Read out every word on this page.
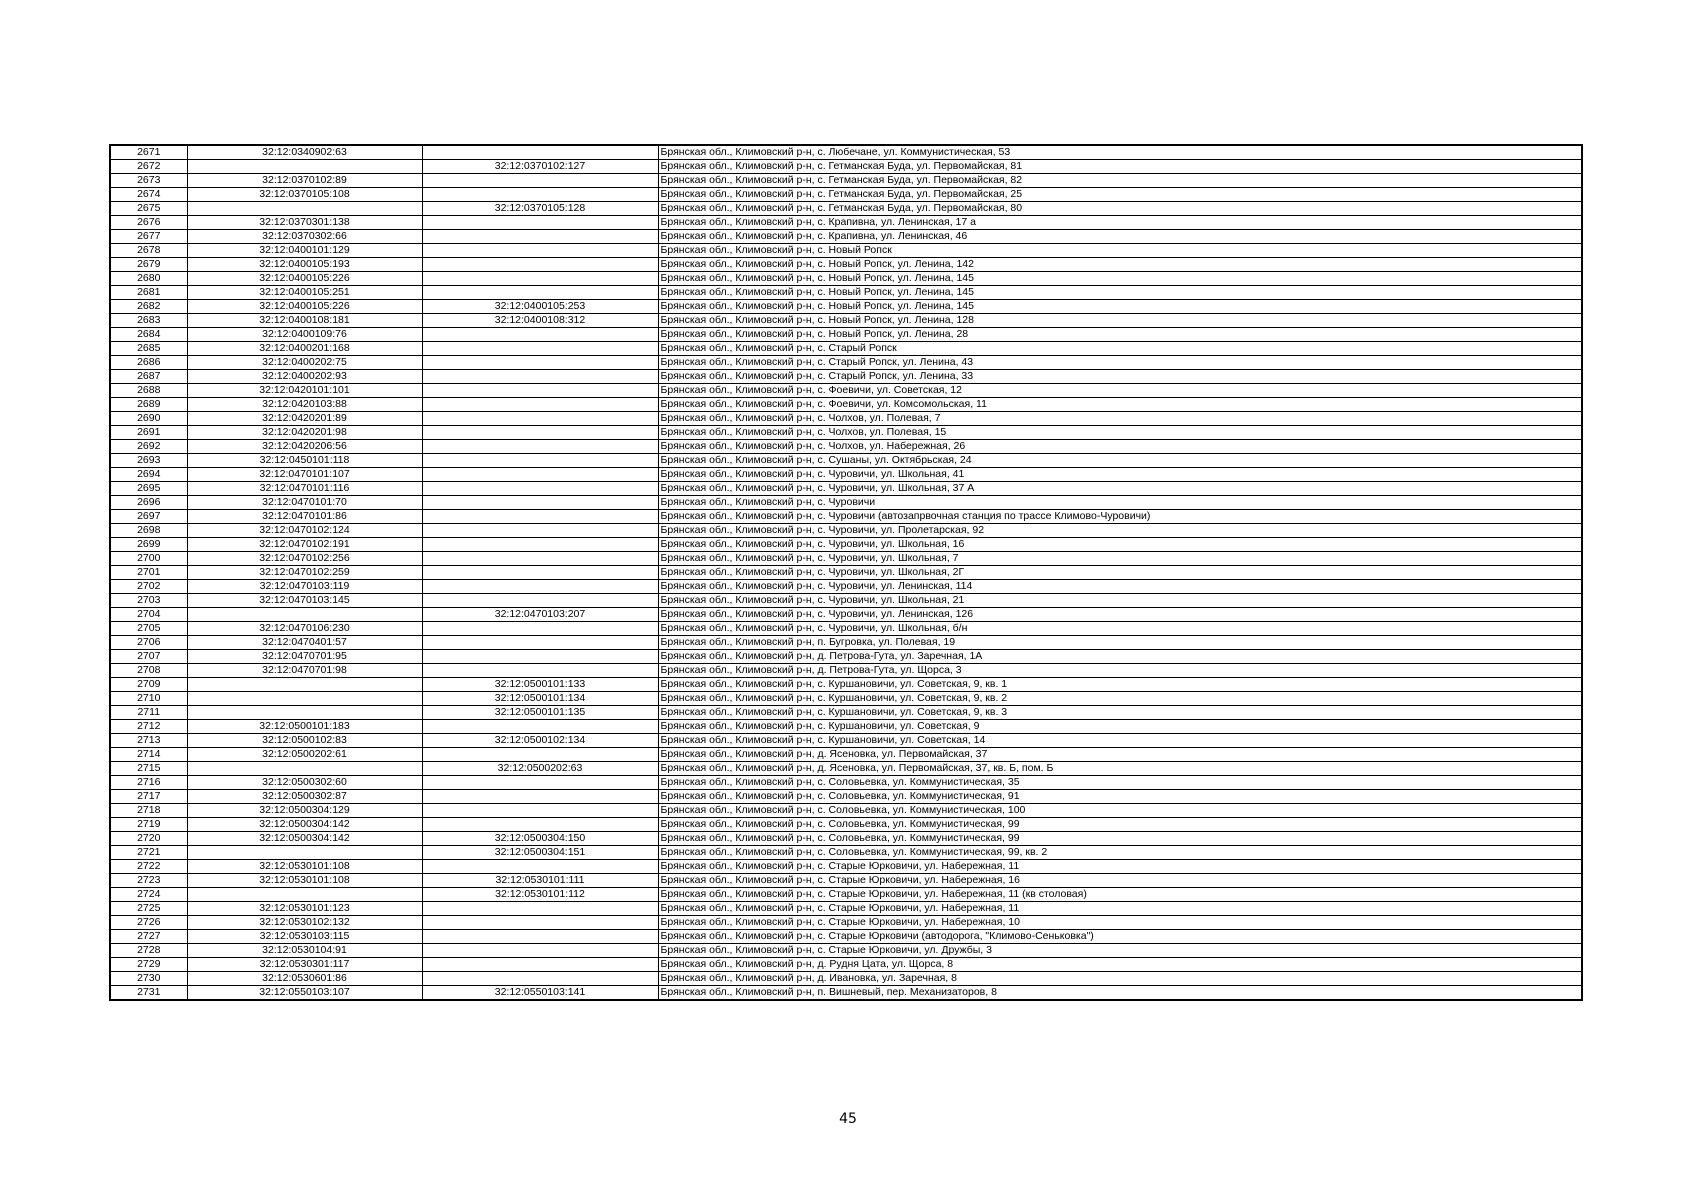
2671	32:12:0340902:63		Брянская обл., Климовский р-н, с. Любечане, ул. Коммунистическая, 53
2672		32:12:0370102:127	Брянская обл., Климовский р-н, с. Гетманская Буда, ул. Первомайская, 81
2673	32:12:0370102:89		Брянская обл., Климовский р-н, с. Гетманская Буда, ул. Первомайская, 82
2674	32:12:0370105:108		Брянская обл., Климовский р-н, с. Гетманская Буда, ул. Первомайская, 25
2675		32:12:0370105:128	Брянская обл., Климовский р-н, с. Гетманская Буда, ул. Первомайская, 80
2676	32:12:0370301:138		Брянская обл., Климовский р-н, с. Крапивна, ул. Ленинская, 17 а
2677	32:12:0370302:66		Брянская обл., Климовский р-н, с. Крапивна, ул. Ленинская, 46
2678	32:12:0400101:129		Брянская обл., Климовский р-н, с. Новый Ропск
2679	32:12:0400105:193		Брянская обл., Климовский р-н, с. Новый Ропск, ул. Ленина, 142
2680	32:12:0400105:226		Брянская обл., Климовский р-н, с. Новый Ропск, ул. Ленина, 145
2681	32:12:0400105:251		Брянская обл., Климовский р-н, с. Новый Ропск, ул. Ленина, 145
2682	32:12:0400105:226	32:12:0400105:253	Брянская обл., Климовский р-н, с. Новый Ропск, ул. Ленина, 145
2683	32:12:0400108:181	32:12:0400108:312	Брянская обл., Климовский р-н, с. Новый Ропск, ул. Ленина, 128
2684	32:12:0400109:76		Брянская обл., Климовский р-н, с. Новый Ропск, ул. Ленина, 28
2685	32:12:0400201:168		Брянская обл., Климовский р-н, с. Старый Ропск
2686	32:12:0400202:75		Брянская обл., Климовский р-н, с. Старый Ропск, ул. Ленина, 43
2687	32:12:0400202:93		Брянская обл., Климовский р-н, с. Старый Ропск, ул. Ленина, 33
2688	32:12:0420101:101		Брянская обл., Климовский р-н, с. Фоевичи, ул. Советская, 12
2689	32:12:0420103:88		Брянская обл., Климовский р-н, с. Фоевичи, ул. Комсомольская, 11
2690	32:12:0420201:89		Брянская обл., Климовский р-н, с. Чолхов, ул. Полевая, 7
2691	32:12:0420201:98		Брянская обл., Климовский р-н, с. Чолхов, ул. Полевая, 15
2692	32:12:0420206:56		Брянская обл., Климовский р-н, с. Чолхов, ул. Набережная, 26
2693	32:12:0450101:118		Брянская обл., Климовский р-н, с. Сушаны, ул. Октябрьская, 24
2694	32:12:0470101:107		Брянская обл., Климовский р-н, с. Чуровичи, ул. Школьная, 41
2695	32:12:0470101:116		Брянская обл., Климовский р-н, с. Чуровичи, ул. Школьная, 37 А
2696	32:12:0470101:70		Брянская обл., Климовский р-н, с. Чуровичи
2697	32:12:0470101:86		Брянская обл., Климовский р-н, с. Чуровичи (автозапрвочная станция по трассе Климово-Чуровичи)
2698	32:12:0470102:124		Брянская обл., Климовский р-н, с. Чуровичи, ул. Пролетарская, 92
2699	32:12:0470102:191		Брянская обл., Климовский р-н, с. Чуровичи, ул. Школьная, 16
2700	32:12:0470102:256		Брянская обл., Климовский р-н, с. Чуровичи, ул. Школьная, 7
2701	32:12:0470102:259		Брянская обл., Климовский р-н, с. Чуровичи, ул. Школьная, 2Г
2702	32:12:0470103:119		Брянская обл., Климовский р-н, с. Чуровичи, ул. Ленинская, 114
2703	32:12:0470103:145		Брянская обл., Климовский р-н, с. Чуровичи, ул. Школьная, 21
2704		32:12:0470103:207	Брянская обл., Климовский р-н, с. Чуровичи, ул. Ленинская, 126
2705	32:12:0470106:230		Брянская обл., Климовский р-н, с. Чуровичи, ул. Школьная, б/н
2706	32:12:0470401:57		Брянская обл., Климовский р-н, п. Бугровка, ул. Полевая, 19
2707	32:12:0470701:95		Брянская обл., Климовский р-н, д. Петрова-Гута, ул. Заречная, 1А
2708	32:12:0470701:98		Брянская обл., Климовский р-н, д. Петрова-Гута, ул. Щорса, 3
2709		32:12:0500101:133	Брянская обл., Климовский р-н, с. Куршановичи, ул. Советская, 9, кв. 1
2710		32:12:0500101:134	Брянская обл., Климовский р-н, с. Куршановичи, ул. Советская, 9, кв. 2
2711		32:12:0500101:135	Брянская обл., Климовский р-н, с. Куршановичи, ул. Советская, 9, кв. 3
2712	32:12:0500101:183		Брянская обл., Климовский р-н, с. Куршановичи, ул. Советская, 9
2713	32:12:0500102:83	32:12:0500102:134	Брянская обл., Климовский р-н, с. Куршановичи, ул. Советская, 14
2714	32:12:0500202:61		Брянская обл., Климовский р-н, д. Ясеновка, ул. Первомайская, 37
2715		32:12:0500202:63	Брянская обл., Климовский р-н, д. Ясеновка, ул. Первомайская, 37, кв. Б, пом. Б
2716	32:12:0500302:60		Брянская обл., Климовский р-н, с. Соловьевка, ул. Коммунистическая, 35
2717	32:12:0500302:87		Брянская обл., Климовский р-н, с. Соловьевка, ул. Коммунистическая, 91
2718	32:12:0500304:129		Брянская обл., Климовский р-н, с. Соловьевка, ул. Коммунистическая, 100
2719	32:12:0500304:142		Брянская обл., Климовский р-н, с. Соловьевка, ул. Коммунистическая, 99
2720	32:12:0500304:142	32:12:0500304:150	Брянская обл., Климовский р-н, с. Соловьевка, ул. Коммунистическая, 99
2721		32:12:0500304:151	Брянская обл., Климовский р-н, с. Соловьевка, ул. Коммунистическая, 99, кв. 2
2722	32:12:0530101:108		Брянская обл., Климовский р-н, с. Старые Юрковичи, ул. Набережная, 11
2723	32:12:0530101:108	32:12:0530101:111	Брянская обл., Климовский р-н, с. Старые Юрковичи, ул. Набережная, 16
2724		32:12:0530101:112	Брянская обл., Климовский р-н, с. Старые Юрковичи, ул. Набережная, 11 (кв столовая)
2725	32:12:0530101:123		Брянская обл., Климовский р-н, с. Старые Юрковичи, ул. Набережная, 11
2726	32:12:0530102:132		Брянская обл., Климовский р-н, с. Старые Юрковичи, ул. Набережная, 10
2727	32:12:0530103:115		Брянская обл., Климовский р-н, с. Старые Юрковичи (автодорога, "Климово-Сеньковка")
2728	32:12:0530104:91		Брянская обл., Климовский р-н, с. Старые Юрковичи, ул. Дружбы, 3
2729	32:12:0530301:117		Брянская обл., Климовский р-н, д. Рудня Цата, ул. Щорса, 8
2730	32:12:0530601:86		Брянская обл., Климовский р-н, д. Ивановка, ул. Заречная, 8
2731	32:12:0550103:107	32:12:0550103:141	Брянская обл., Климовский р-н, п. Вишневый, пер. Механизаторов, 8
45
